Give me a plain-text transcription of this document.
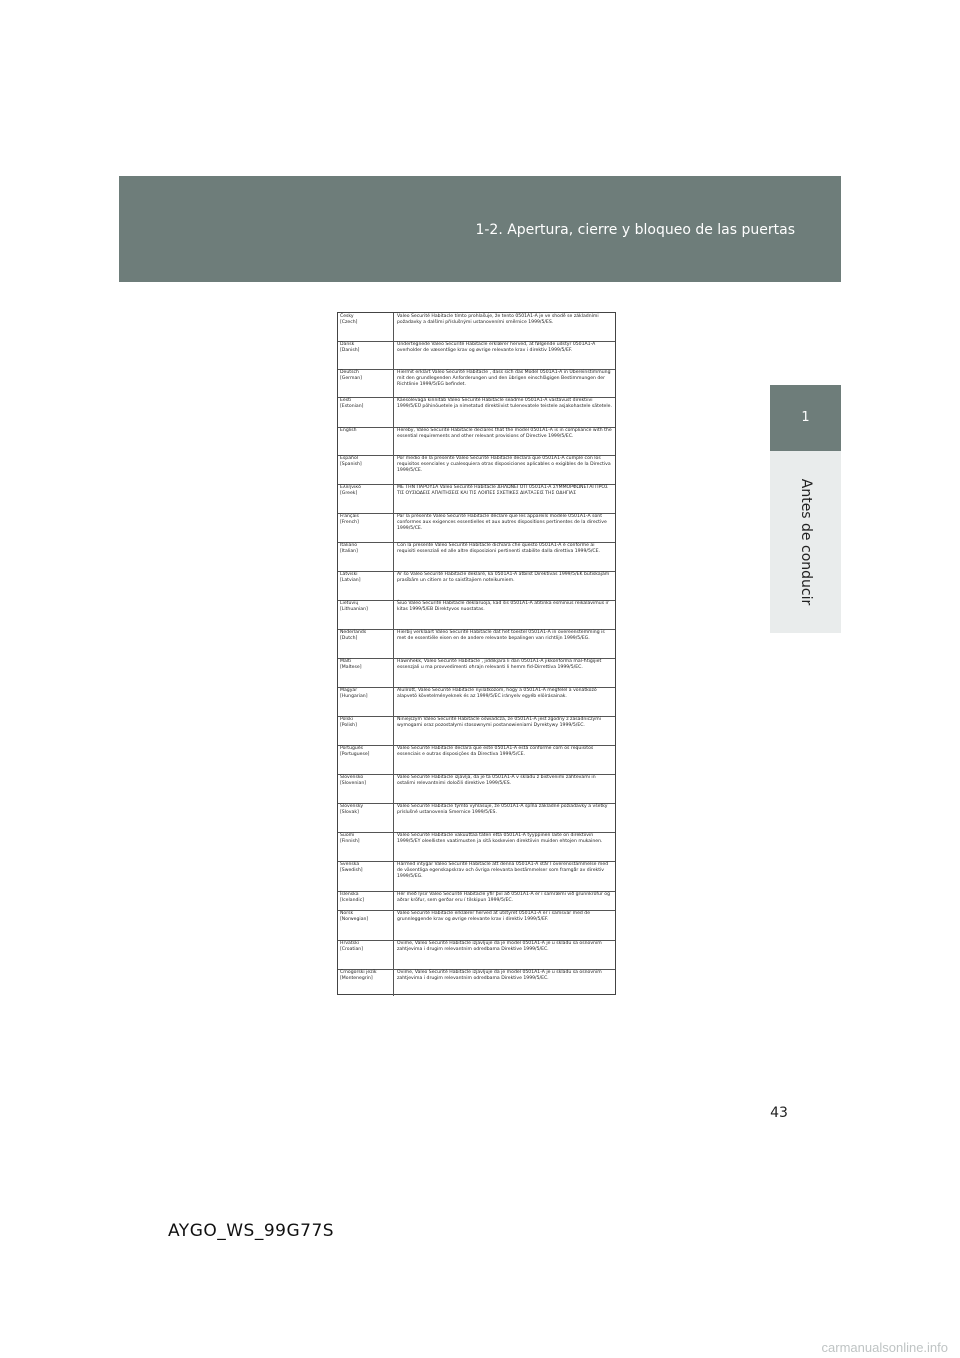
1-2. Apertura, cierre y bloqueo de las puertas
1
Antes de conducir
Česky
[Czech]
Valeo Securité Habitacle tímto prohlašuje, že tento 0501A1-A je ve shodě se základními požadavky a dalšími příslušnými ustanoveními směrnice 1999/5/ES.
Dansk
[Danish]
Undertegnede Valeo Securité Habitacle erklærer herved, at følgende udstyr 0501A1-A overholder de væsentlige krav og øvrige relevante krav i direktiv 1999/5/EF.
Deutsch
[German]
Hiermit erklärt Valeo Securité Habitacle , dass sich das Model 0501A1-A in Übereinstimmung mit den grundlegenden Anforderungen und den übrigen einschlägigen Bestimmungen der Richtlinie 1999/5/EG befindet.
Eesti
[Estonian]
Käesolevaga kinnitab Valeo Securité Habitacle seadme 0501A1-A vastavust direktiivi 1999/5/EÜ põhinõuetele ja nimetatud direktiivist tulenevatele teistele asjakohastele sätetele.
English	Hereby, Valeo Securité Habitacle declares that the model 0501A1-A is in compliance with the essential requirements and other relevant provisions of Directive 1999/5/EC.
Español
[Spanish]
Por medio de la presente Valeo Securité Habitacle declara que 0501A1-A cumple con los requisitos esenciales y cualesquiera otras disposiciones aplicables o exigibles de la Directiva 1999/5/CE.
Ελληνικό
[Greek]
ΜΕ ΤΗΝ ΠΑΡΟΥΣΑ Valeo Securité Habitacle ΔΗΛΩΝΕΙ ΟΤΙ 0501A1-A ΣΥΜΜΟΡΦΩΝΕΤΑΙ ΠΡΟΣ ΤΙΣ ΟΥΣΙΩΔΕΙΣ ΑΠΑΙΤΗΣΕΙΣ ΚΑΙ ΤΙΣ ΛΟΙΠΕΣ ΣΧΕΤΙΚΕΣ ΔΙΑΤΑΞΕΙΣ ΤΗΣ ΟΔΗΓΙΑΣ
Français
[French]
Par la présente Valeo Securité Habitacle déclare que les appareils modèle 0501A1-A sont conformes aux exigences essentielles et aux autres dispositions pertinentes de la directive 1999/5/CE.
Italiano
[Italian]
Con la presente Valeo Securité Habitacle dichiara che questo 0501A1-A è conforme ai requisiti essenziali ed alle altre disposizioni pertinenti stabilite dalla direttiva 1999/5/CE.
Latviski
[Latvian]
Ar šo Valeo Securité Habitacle deklarē, ka 0501A1-A atbilst Direktīvas 1999/5/EK būtiskajām prasībām un citiem ar to saistītajiem noteikumiem.
Lietuvių
[Lithuanian]
Šiuo Valeo Securité Habitacle deklaruoja, kad šis 0501A1-A atitinka esminius reikalavimus ir kitas 1999/5/EB Direktyvos nuostatas.
Nederlands
[Dutch]
Hierbij verklaart Valeo Securité Habitacle dat het toestel 0501A1-A in overeenstemming is met de essentiële eisen en de andere relevante bepalingen van richtlijn 1999/5/EG.
Malti
[Maltese]
Hawnhekk, Valeo Securité Habitacle , jiddikjara li dan 0501A1-A jikkonforma mal-ħtiġijiet essenzjali u ma provvedimenti oħrajn relevanti li hemm fid-Dirrettiva 1999/5/EC.
Magyar
[Hungarian]
Alulírott, Valeo Securité Habitacle nyilatkozom, hogy a 0501A1-A megfelel a vonatkozó alapvetõ követelményeknek és az 1999/5/EC irányelv egyéb elõírásainak.
Polski
[Polish]
Niniejszym Valeo Securité Habitacle oświadcza, że 0501A1-A jest zgodny z zasadniczymi wymogami oraz pozostałymi stosownymi postanowieniami Dyrektywy 1999/5/EC.
Português
[Portuguese]
Valeo Securité Habitacle declara que este 0501A1-A está conforme com os requisitos essenciais e outras disposições da Directiva 1999/5/CE.
Slovensko
[Slovenian]
Valeo Securité Habitacle izjavlja, da je ta 0501A1-A v skladu z bistvenimi zahtevami in ostalimi relevantnimi določili direktive 1999/5/ES.
Slovensky
[Slovak]
Valeo Securité Habitacle týmto vyhlasuje, že 0501A1-A spĺňa základné požiadavky a všetky príslušné ustanovenia Smernice 1999/5/ES.
Suomi
[Finnish]
Valeo Securité Habitacle vakuuttaa täten että 0501A1-A tyyppinen laite on direktiivin 1999/5/EY oleellisten vaatimusten ja sitä koskevien direktiivin muiden ehtojen mukainen.
Svenska
[Swedish]
Härmed intygar Valeo Securité Habitacle att denna 0501A1-A står I överensstämmelse med de väsentliga egenskapskrav och övriga relevanta bestämmelser som framgår av direktiv 1999/5/EG.
Íslenska
[Icelandic]
Hér með lýsir Valeo Securité Habitacle yfir því að 0501A1-A er í samræmi við grunnkröfur og aðrar kröfur, sem gerðar eru í tilskipun 1999/5/EC.
Norsk
[Norwegian]
Valeo Securité Habitacle erklærer herved at utstyret 0501A1-A er i samsvar med de grunnleggende krav og øvrige relevante krav i direktiv 1999/5/EF.
Hrvatski
[Croatian]
Ovime, Valeo Securité Habitacle izjavljuje da je model 0501A1-A je u skladu sa osnovnim zahtjevima i drugim relevantnim odredbama Direktive 1999/5/EC.
Crnogorski jezik
[Montenegrin]
Ovime, Valeo Securité Habitacle izjavljuje da je model 0501A1-A je u skladu sa osnovnim zahtjevima i drugim relevantnim odredbama Direktive 1999/5/EC.
43
AYGO_WS_99G77S
carmanualsonline.info
